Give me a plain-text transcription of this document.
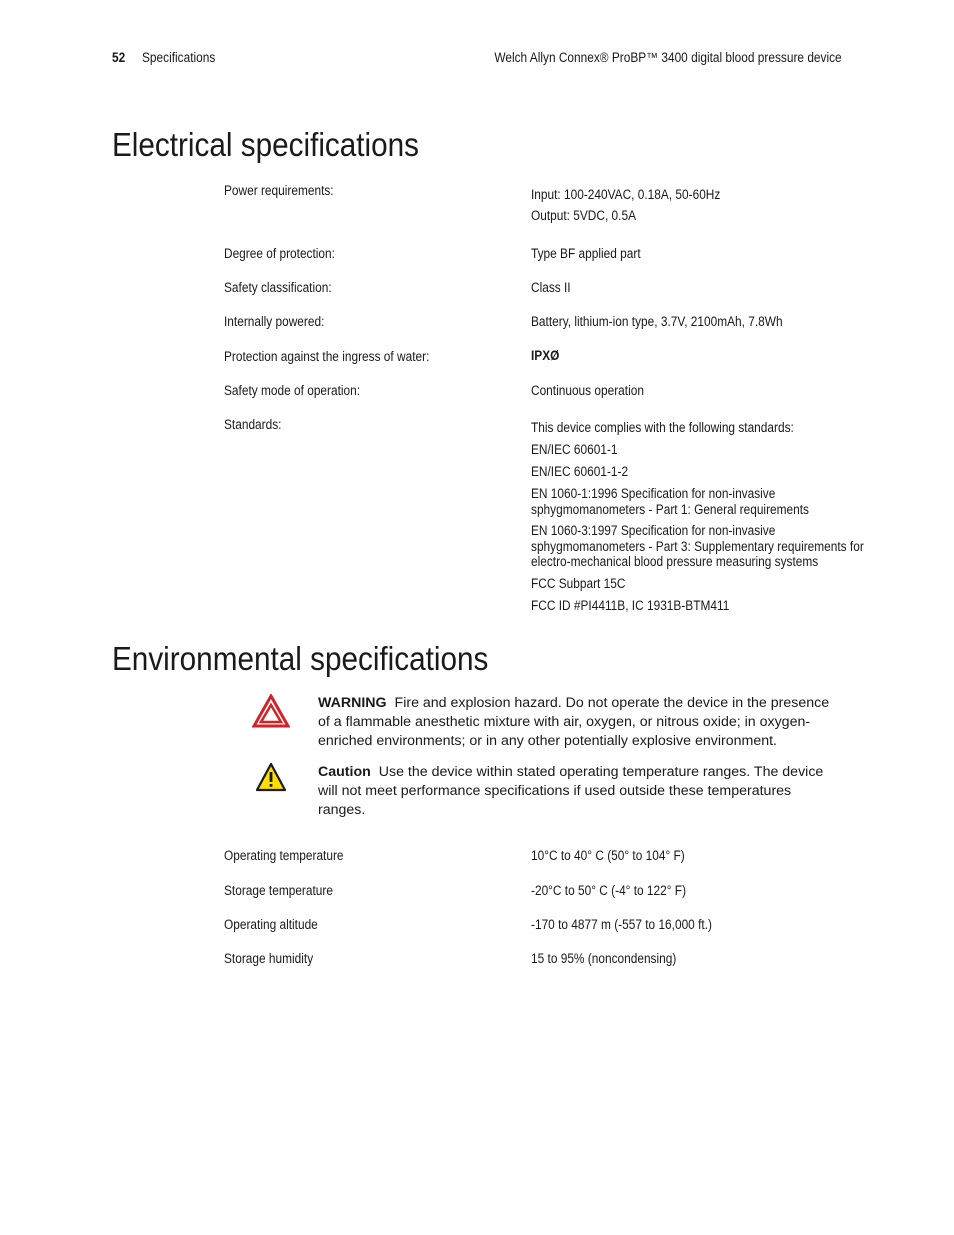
52 Specifications	Welch Allyn Connex® ProBP™ 3400 digital blood pressure device
Electrical specifications
Power requirements:	Input: 100-240VAC, 0.18A, 50-60Hz
Output: 5VDC, 0.5A
Degree of protection:	Type BF applied part
Safety classification:	Class II
Internally powered:	Battery, lithium-ion type, 3.7V, 2100mAh, 7.8Wh
Protection against the ingress of water:	IPXØ
Safety mode of operation:	Continuous operation
Standards:	This device complies with the following standards:
EN/IEC 60601-1
EN/IEC 60601-1-2
EN 1060-1:1996 Specification for non-invasive sphygmomanometers - Part 1: General requirements
EN 1060-3:1997 Specification for non-invasive sphygmomanometers - Part 3: Supplementary requirements for electro-mechanical blood pressure measuring systems
FCC Subpart 15C
FCC ID #PI4411B, IC 1931B-BTM411
Environmental specifications
WARNING Fire and explosion hazard. Do not operate the device in the presence of a flammable anesthetic mixture with air, oxygen, or nitrous oxide; in oxygen-enriched environments; or in any other potentially explosive environment.
Caution Use the device within stated operating temperature ranges. The device will not meet performance specifications if used outside these temperatures ranges.
Operating temperature	10°C to 40° C (50° to 104° F)
Storage temperature	-20°C to 50° C (-4° to 122° F)
Operating altitude	-170 to 4877 m (-557 to 16,000 ft.)
Storage humidity	15 to 95% (noncondensing)
